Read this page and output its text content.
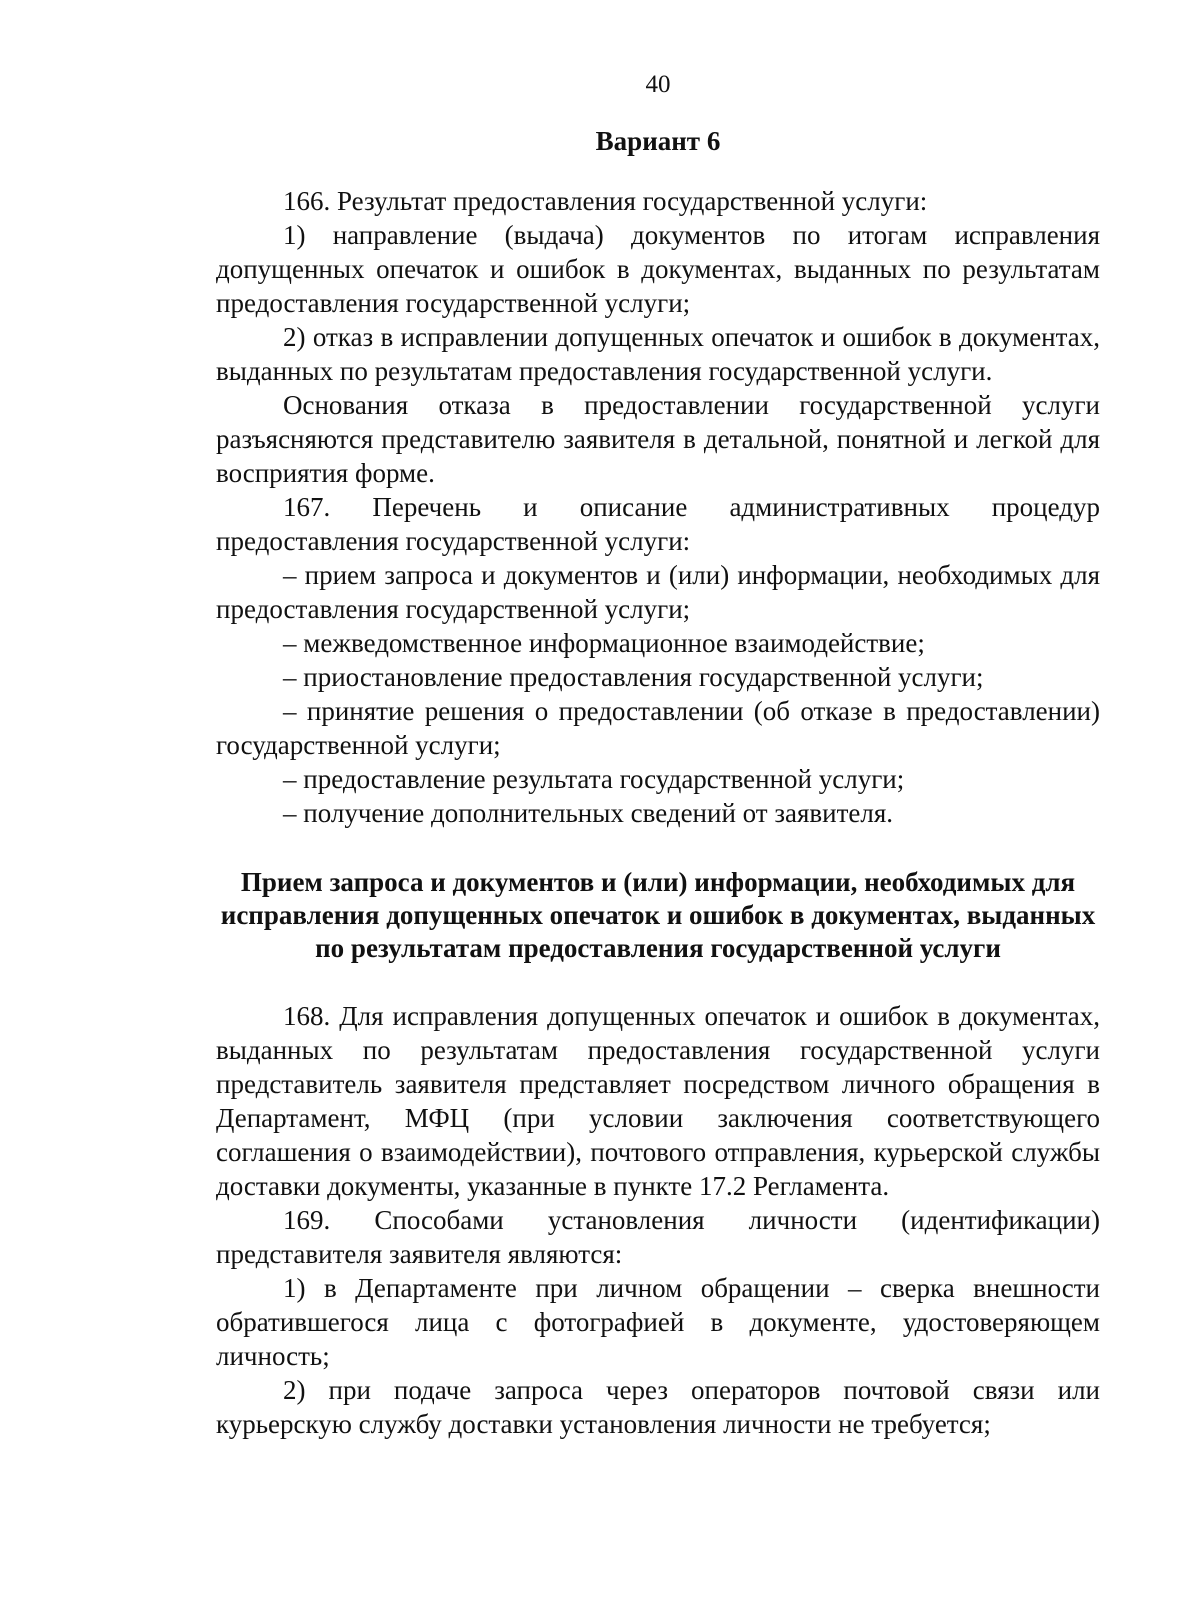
40
Вариант 6

166. Результат предоставления государственной услуги:

1) направление (выдача) документов по итогам исправления допущенных опечаток и ошибок в документах, выданных по результатам предоставления государственной услуги;

2) отказ в исправлении допущенных опечаток и ошибок в документах, выданных по результатам предоставления государственной услуги.

Основания отказа в предоставлении государственной услуги разъясняются представителю заявителя в детальной, понятной и легкой для восприятия форме.

167. Перечень и описание административных процедур предоставления государственной услуги:

– прием запроса и документов и (или) информации, необходимых для предоставления государственной услуги;

– межведомственное информационное взаимодействие;

– приостановление предоставления государственной услуги;

– принятие решения о предоставлении (об отказе в предоставлении) государственной услуги;

– предоставление результата государственной услуги;

– получение дополнительных сведений от заявителя.

Прием запроса и документов и (или) информации, необходимых для исправления допущенных опечаток и ошибок в документах, выданных по результатам предоставления государственной услуги

168. Для исправления допущенных опечаток и ошибок в документах, выданных по результатам предоставления государственной услуги представитель заявителя представляет посредством личного обращения в Департамент, МФЦ (при условии заключения соответствующего соглашения о взаимодействии), почтового отправления, курьерской службы доставки документы, указанные в пункте 17.2 Регламента.

169. Способами установления личности (идентификации) представителя заявителя являются:

1) в Департаменте при личном обращении – сверка внешности обратившегося лица с фотографией в документе, удостоверяющем личность;

2) при подаче запроса через операторов почтовой связи или курьерскую службу доставки установления личности не требуется;
